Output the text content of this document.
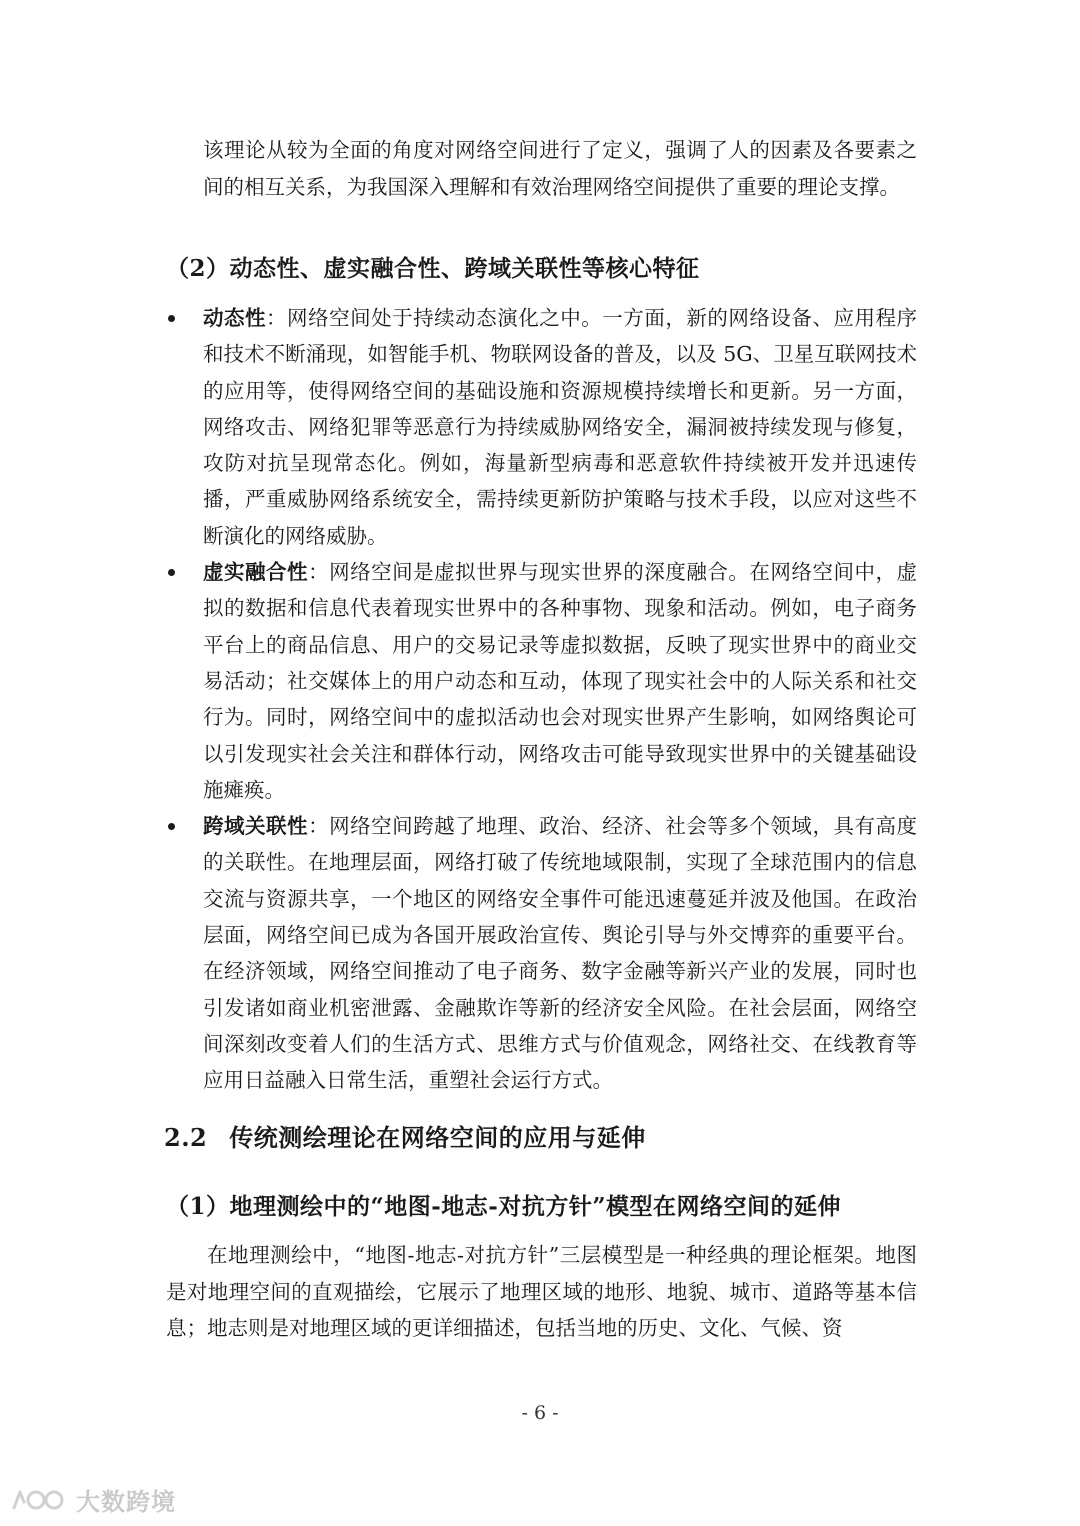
该理论从较为全面的角度对网络空间进行了定义，强调了人的因素及各要素之间的相互关系，为我国深入理解和有效治理网络空间提供了重要的理论支撑。

（2）动态性、虚实融合性、跨域关联性等核心特征
动态性：网络空间处于持续动态演化之中。一方面，新的网络设备、应用程序和技术不断涌现，如智能手机、物联网设备的普及，以及 5G、卫星互联网技术的应用等，使得网络空间的基础设施和资源规模持续增长和更新。另一方面，网络攻击、网络犯罪等恶意行为持续威胁网络安全，漏洞被持续发现与修复，攻防对抗呈现常态化。例如，海量新型病毒和恶意软件持续被开发并迅速传播，严重威胁网络系统安全，需持续更新防护策略与技术手段，以应对这些不断演化的网络威胁。
虚实融合性：网络空间是虚拟世界与现实世界的深度融合。在网络空间中，虚拟的数据和信息代表着现实世界中的各种事物、现象和活动。例如，电子商务平台上的商品信息、用户的交易记录等虚拟数据，反映了现实世界中的商业交易活动；社交媒体上的用户动态和互动，体现了现实社会中的人际关系和社交行为。同时，网络空间中的虚拟活动也会对现实世界产生影响，如网络舆论可以引发现实社会关注和群体行动，网络攻击可能导致现实世界中的关键基础设施瘫痪。
跨域关联性：网络空间跨越了地理、政治、经济、社会等多个领域，具有高度的关联性。在地理层面，网络打破了传统地域限制，实现了全球范围内的信息交流与资源共享，一个地区的网络安全事件可能迅速蔓延并波及他国。在政治层面，网络空间已成为各国开展政治宣传、舆论引导与外交博弈的重要平台。在经济领域，网络空间推动了电子商务、数字金融等新兴产业的发展，同时也引发诸如商业机密泄露、金融欺诈等新的经济安全风险。在社会层面，网络空间深刻改变着人们的生活方式、思维方式与价值观念，网络社交、在线教育等应用日益融入日常生活，重塑社会运行方式。
2.2 传统测绘理论在网络空间的应用与延伸
（1）地理测绘中的“地图-地志-对抗方针”模型在网络空间的延伸

在地理测绘中，“地图-地志-对抗方针”三层模型是一种经典的理论框架。地图是对地理空间的直观描绘，它展示了地理区域的地形、地貌、城市、道路等基本信息；地志则是对地理区域的更详细描述，包括当地的历史、文化、气候、资

- 6 -
大数跨境
